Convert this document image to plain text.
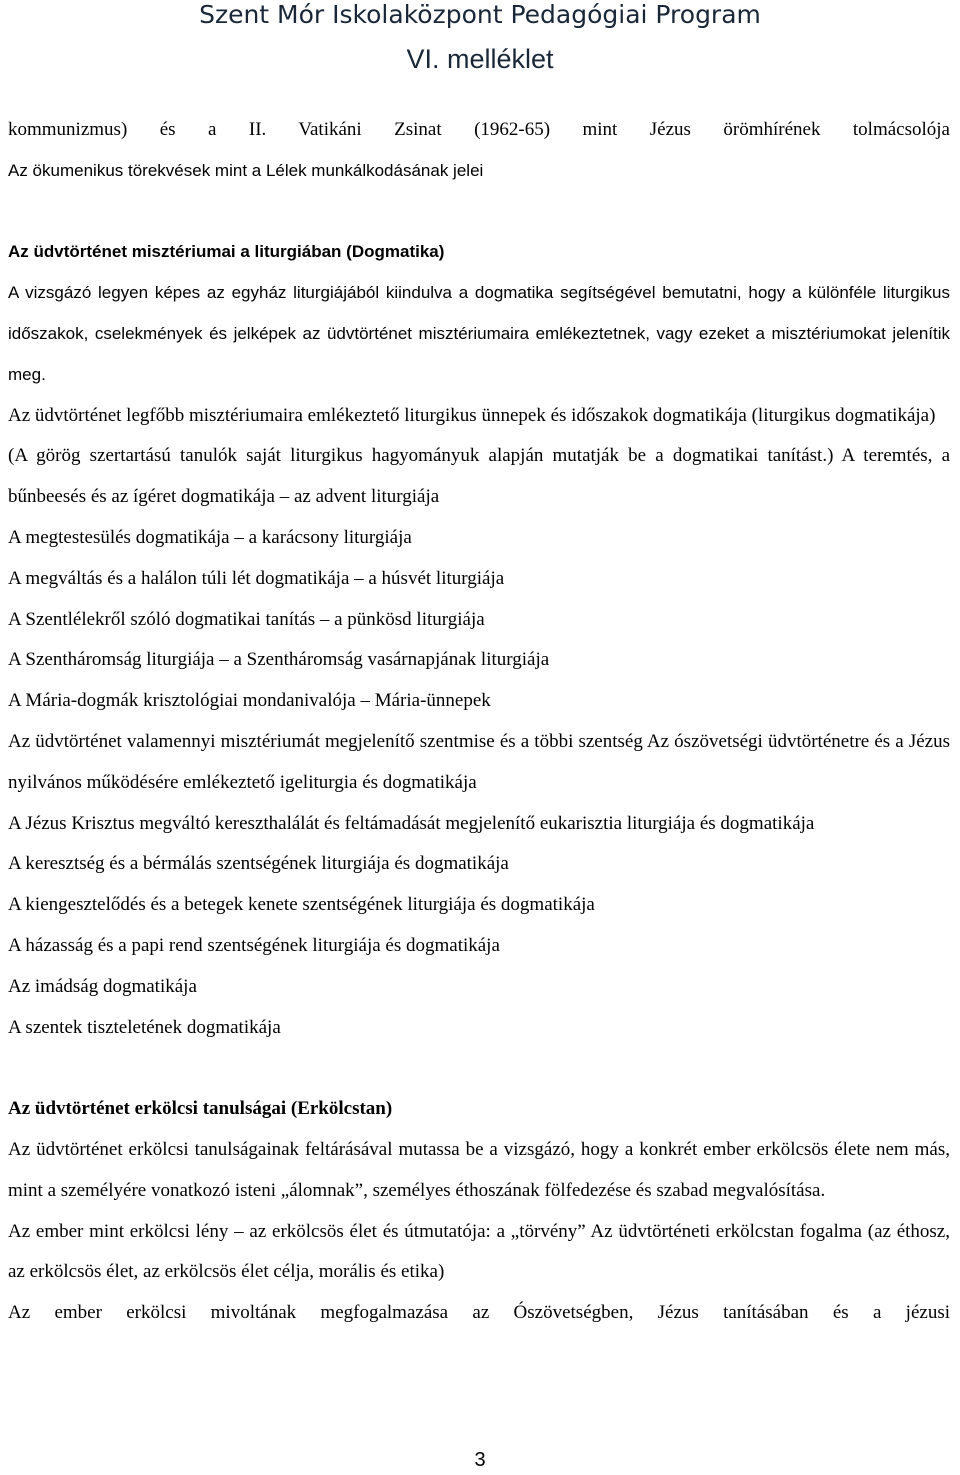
Szent Mór Iskolaközpont Pedagógiai Program
VI. melléklet

kommunizmus) és a II. Vatikáni Zsinat (1962-65) mint Jézus örömhírének tolmácsolója

Az ökumenikus törekvések mint a Lélek munkálkodásának jelei

Az üdvtörténet misztériumai a liturgiában (Dogmatika)

A vizsgázó legyen képes az egyház liturgiájából kiindulva a dogmatika segítségével bemutatni, hogy a különféle liturgikus időszakok, cselekmények és jelképek az üdvtörténet misztériumaira emlékeztetnek, vagy ezeket a misztériumokat jelenítik meg.

Az üdvtörténet legfőbb misztériumaira emlékeztető liturgikus ünnepek és időszakok dogmatikája (liturgikus dogmatikája)

(A görög szertartású tanulók saját liturgikus hagyományuk alapján mutatják be a dogmatikai tanítást.) A teremtés, a bűnbeesés és az ígéret dogmatikája – az advent liturgiája

A megtestesülés dogmatikája – a karácsony liturgiája

A megváltás és a halálon túli lét dogmatikája – a húsvét liturgiája

A Szentlélekről szóló dogmatikai tanítás – a pünkösd liturgiája

A Szentháromság liturgiája – a Szentháromság vasárnapjának liturgiája

A Mária-dogmák krisztológiai mondanivalója – Mária-ünnepek

Az üdvtörténet valamennyi misztériumát megjelenítő szentmise és a többi szentség Az ószövetségi üdvtörténetre és a Jézus nyilvános működésére emlékeztető igeliturgia és dogmatikája

A Jézus Krisztus megváltó kereszthalálát és feltámadását megjelenítő eukarisztia liturgiája és dogmatikája

A keresztség és a bérmálás szentségének liturgiája és dogmatikája

A kiengesztelődés és a betegek kenete szentségének liturgiája és dogmatikája

A házasság és a papi rend szentségének liturgiája és dogmatikája

Az imádság dogmatikája

A szentek tiszteletének dogmatikája

Az üdvtörténet erkölcsi tanulságai (Erkölcstan)

Az üdvtörténet erkölcsi tanulságainak feltárásával mutassa be a vizsgázó, hogy a konkrét ember erkölcsös élete nem más, mint a személyére vonatkozó isteni „álomnak”, személyes éthoszának fölfedezése és szabad megvalósítása.

Az ember mint erkölcsi lény – az erkölcsös élet és útmutatója: a „törvény” Az üdvtörténeti erkölcstan fogalma (az éthosz, az erkölcsös élet, az erkölcsös élet célja, morális és etika)

Az ember erkölcsi mivoltának megfogalmazása az Ószövetségben, Jézus tanításában és a jézusi

3
